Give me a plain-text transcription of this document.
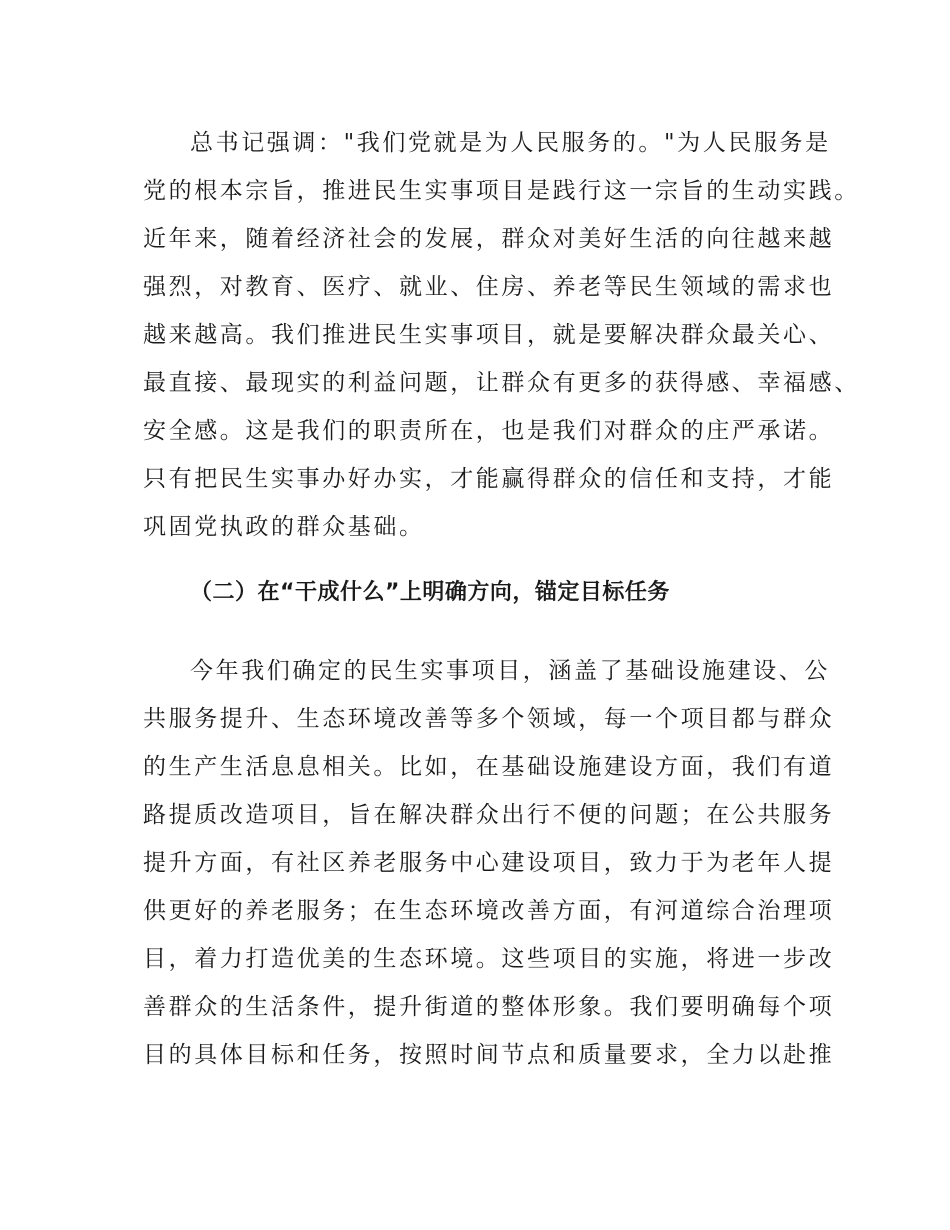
总书记强调："我们党就是为人民服务的。"为人民服务是
党的根本宗旨，推进民生实事项目是践行这一宗旨的生动实践。
近年来，随着经济社会的发展，群众对美好生活的向往越来越
强烈，对教育、医疗、就业、住房、养老等民生领域的需求也
越来越高。我们推进民生实事项目，就是要解决群众最关心、
最直接、最现实的利益问题，让群众有更多的获得感、幸福感、
安全感。这是我们的职责所在，也是我们对群众的庄严承诺。
只有把民生实事办好办实，才能赢得群众的信任和支持，才能
巩固党执政的群众基础。
（二）在“干成什么”上明确方向，锚定目标任务
今年我们确定的民生实事项目，涵盖了基础设施建设、公
共服务提升、生态环境改善等多个领域，每一个项目都与群众
的生产生活息息相关。比如，在基础设施建设方面，我们有道
路提质改造项目，旨在解决群众出行不便的问题；在公共服务
提升方面，有社区养老服务中心建设项目，致力于为老年人提
供更好的养老服务；在生态环境改善方面，有河道综合治理项
目，着力打造优美的生态环境。这些项目的实施，将进一步改
善群众的生活条件，提升街道的整体形象。我们要明确每个项
目的具体目标和任务，按照时间节点和质量要求，全力以赴推
